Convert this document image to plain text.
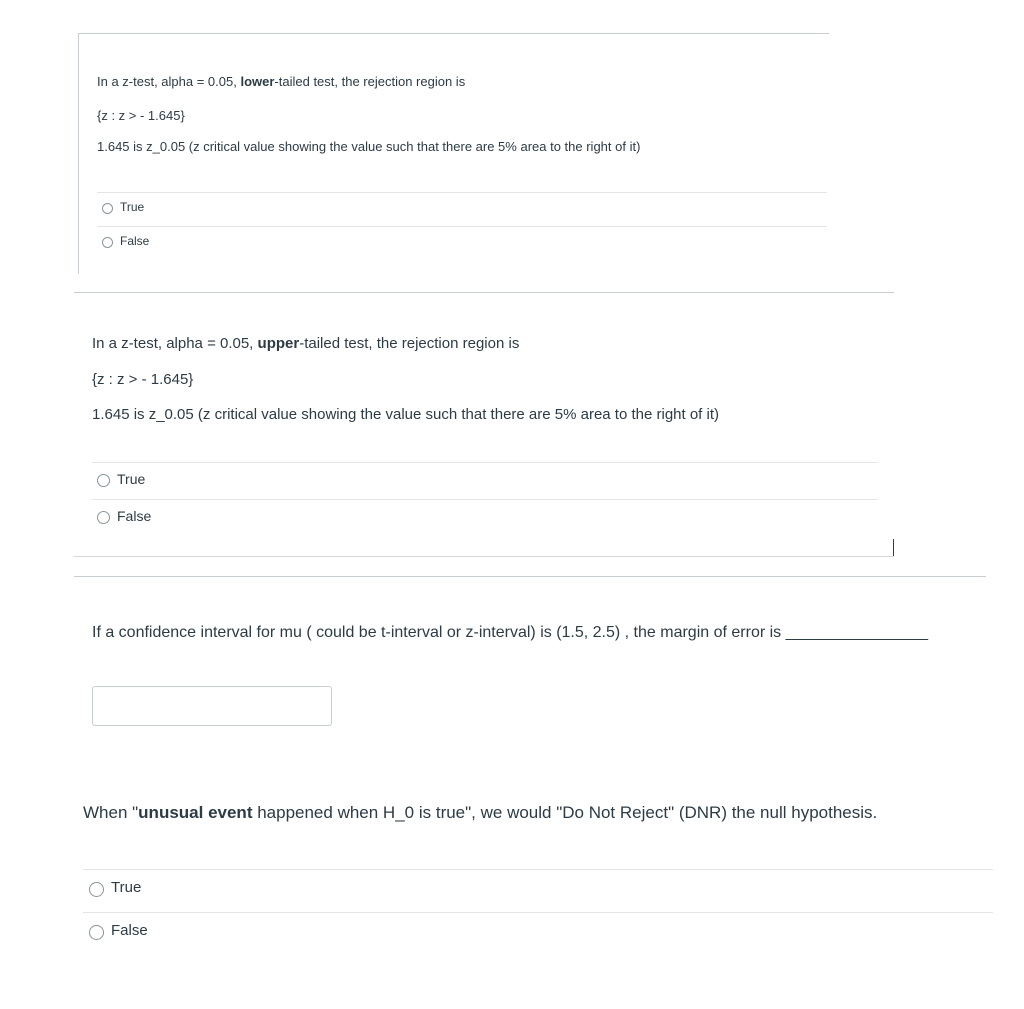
In a z-test, alpha = 0.05, lower-tailed test, the rejection region is
{z : z > - 1.645}
1.645 is z_0.05 (z critical value showing the value such that there are 5% area to the right of it)
True
False
In a z-test, alpha = 0.05, upper-tailed test, the rejection region is
{z : z > - 1.645}
1.645 is z_0.05 (z critical value showing the value such that there are 5% area to the right of it)
True
False
If a confidence interval for mu ( could be t-interval or z-interval) is (1.5, 2.5) , the margin of error is ________________
When "unusual event happened when H_0 is true", we would "Do Not Reject" (DNR) the null hypothesis.
True
False
